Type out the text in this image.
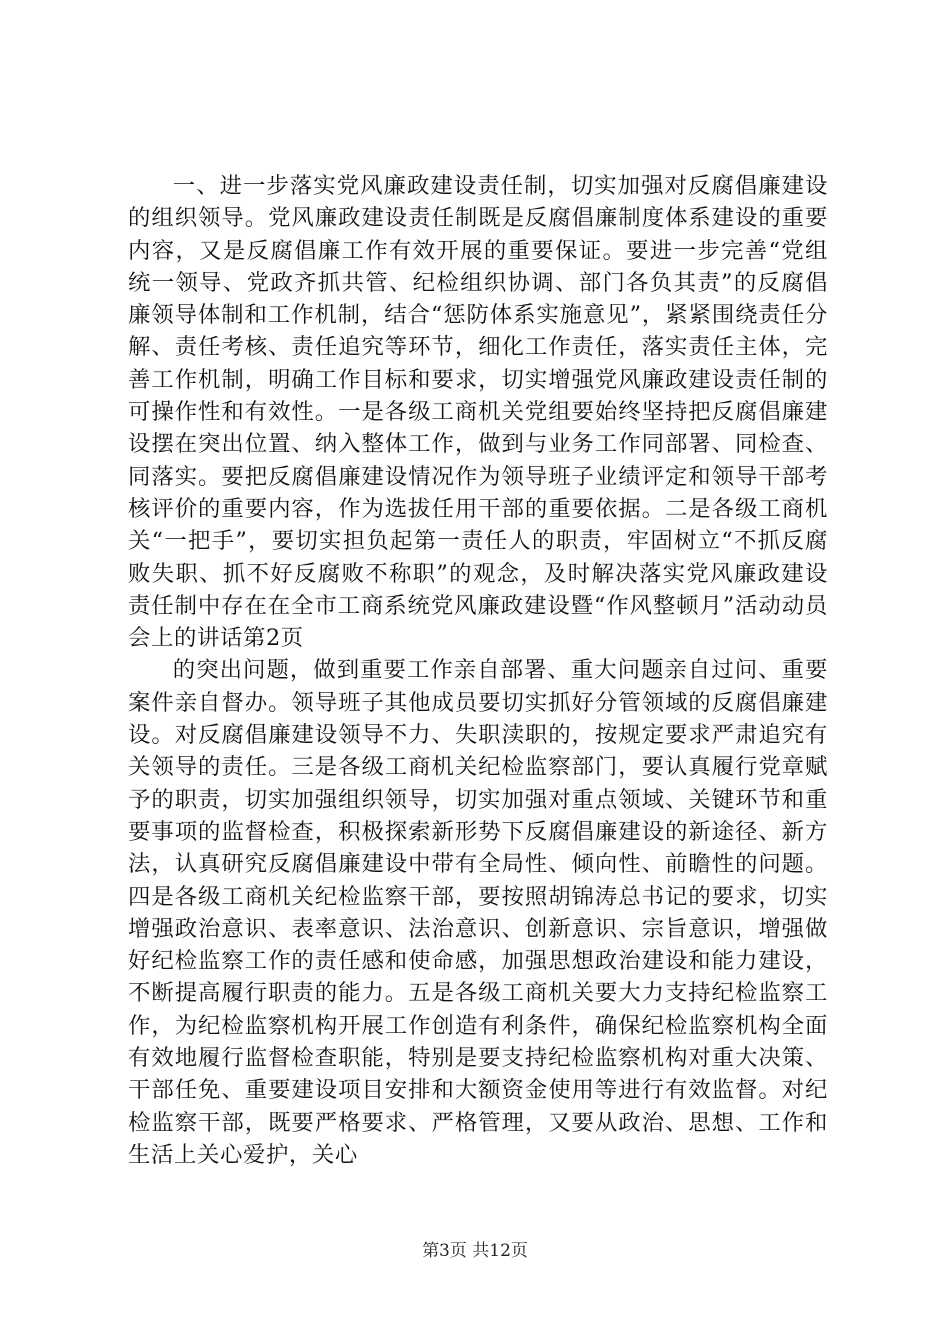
一、进一步落实党风廉政建设责任制，切实加强对反腐倡廉建设的组织领导。党风廉政建设责任制既是反腐倡廉制度体系建设的重要内容，又是反腐倡廉工作有效开展的重要保证。要进一步完善“党组统一领导、党政齐抓共管、纪检组织协调、部门各负其责”的反腐倡廉领导体制和工作机制，结合“惩防体系实施意见”，紧紧围绕责任分解、责任考核、责任追究等环节，细化工作责任，落实责任主体，完善工作机制，明确工作目标和要求，切实增强党风廉政建设责任制的可操作性和有效性。一是各级工商机关党组要始终坚持把反腐倡廉建设摆在突出位置、纳入整体工作，做到与业务工作同部署、同检查、同落实。要把反腐倡廉建设情况作为领导班子业绩评定和领导干部考核评价的重要内容，作为选拔任用干部的重要依据。二是各级工商机关“一把手”，要切实担负起第一责任人的职责，牢固树立“不抓反腐败失职、抓不好反腐败不称职”的观念，及时解决落实党风廉政建设责任制中存在在全市工商系统党风廉政建设暨“作风整顿月”活动动员会上的讲话第2页

的突出问题，做到重要工作亲自部署、重大问题亲自过问、重要案件亲自督办。领导班子其他成员要切实抓好分管领域的反腐倡廉建设。对反腐倡廉建设领导不力、失职渎职的，按规定要求严肃追究有关领导的责任。三是各级工商机关纪检监察部门，要认真履行党章赋予的职责，切实加强组织领导，切实加强对重点领域、关键环节和重要事项的监督检查，积极探索新形势下反腐倡廉建设的新途径、新方法，认真研究反腐倡廉建设中带有全局性、倾向性、前瞻性的问题。四是各级工商机关纪检监察干部，要按照胡锦涛总书记的要求，切实增强政治意识、表率意识、法治意识、创新意识、宗旨意识，增强做好纪检监察工作的责任感和使命感，加强思想政治建设和能力建设，不断提高履行职责的能力。五是各级工商机关要大力支持纪检监察工作，为纪检监察机构开展工作创造有利条件，确保纪检监察机构全面有效地履行监督检查职能，特别是要支持纪检监察机构对重大决策、干部任免、重要建设项目安排和大额资金使用等进行有效监督。对纪检监察干部，既要严格要求、严格管理，又要从政治、思想、工作和生活上关心爱护，关心

第3页 共12页
